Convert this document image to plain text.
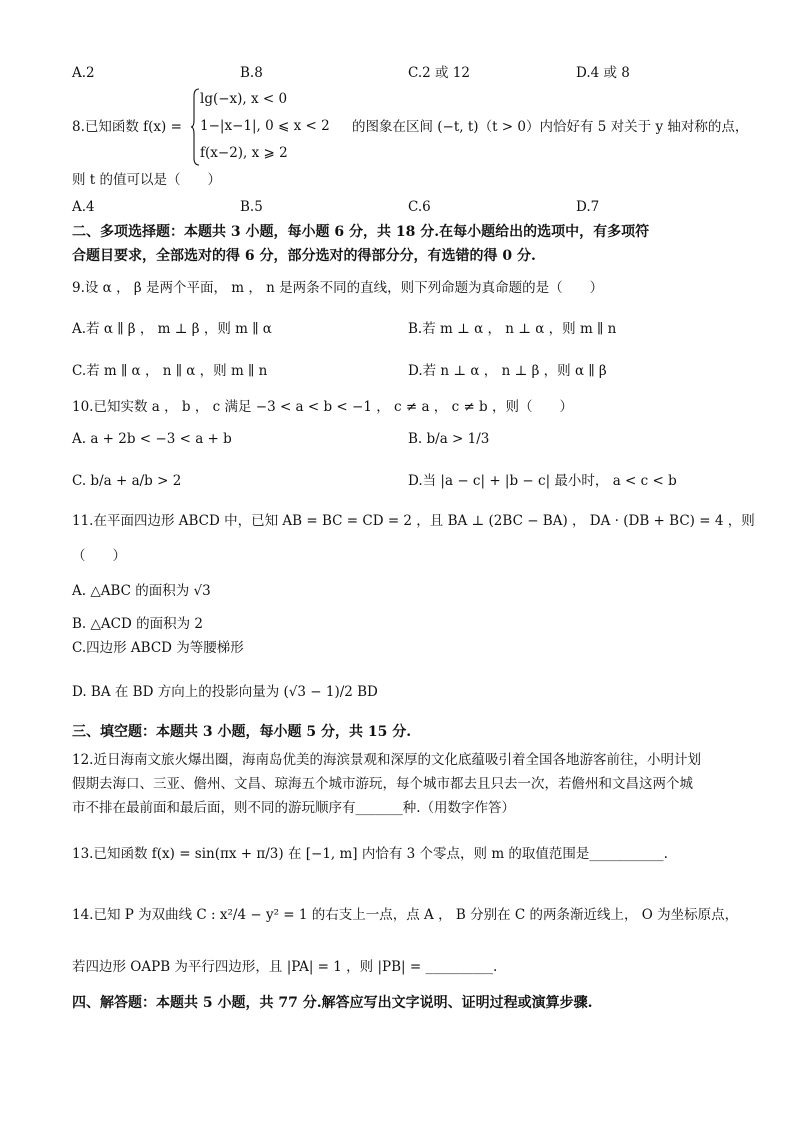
A.2	B.8	C.2 或 12	D.4 或 8
8.已知函数 f(x) =
lg(−x), x < 0
1−|x−1|, 0 ⩽ x < 2
f(x−2), x ⩾ 2
的图象在区间 (−t, t)（t > 0）内恰好有 5 对关于 y 轴对称的点，
则 t 的值可以是（　　）
A.4	B.5	C.6	D.7
二、多项选择题：本题共 3 小题，每小题 6 分，共 18 分.在每小题给出的选项中，有多项符
合题目要求，全部选对的得 6 分，部分选对的得部分分，有选错的得 0 分.
9.设 α ， β 是两个平面， m ， n 是两条不同的直线，则下列命题为真命题的是（　　）
A.若 α ∥ β ， m ⊥ β ，则 m ∥ α	B.若 m ⊥ α ， n ⊥ α ，则 m ∥ n
C.若 m ∥ α ， n ∥ α ，则 m ∥ n	D.若 n ⊥ α ， n ⊥ β ，则 α ∥ β
10.已知实数 a ， b ， c 满足 −3 < a < b < −1 ， c ≠ a ， c ≠ b ，则（　　）
A. a + 2b < −3 < a + b	B. b/a > 1/3
C. b/a + a/b > 2	D.当 |a − c| + |b − c| 最小时， a < c < b
11.在平面四边形 ABCD 中，已知 AB = BC = CD = 2 ，且 BA ⊥ (2BC − BA) ， DA · (DB + BC) = 4 ，则
（　　）
A. △ABC 的面积为 √3
B. △ACD 的面积为 2
C.四边形 ABCD 为等腰梯形
D. BA 在 BD 方向上的投影向量为 (√3 − 1)/2 BD
三、填空题：本题共 3 小题，每小题 5 分，共 15 分.
12.近日海南文旅火爆出圈，海南岛优美的海滨景观和深厚的文化底蕴吸引着全国各地游客前往，小明计划
假期去海口、三亚、儋州、文昌、琼海五个城市游玩，每个城市都去且只去一次，若儋州和文昌这两个城
市不排在最前面和最后面，则不同的游玩顺序有_______种.（用数字作答）
13.已知函数 f(x) = sin(πx + π/3) 在 [−1, m] 内恰有 3 个零点，则 m 的取值范围是___________.
14.已知 P 为双曲线 C : x²/4 − y² = 1 的右支上一点，点 A ， B 分别在 C 的两条渐近线上， O 为坐标原点，
若四边形 OAPB 为平行四边形，且 |PA| = 1 ，则 |PB| = __________.
四、解答题：本题共 5 小题，共 77 分.解答应写出文字说明、证明过程或演算步骤.
